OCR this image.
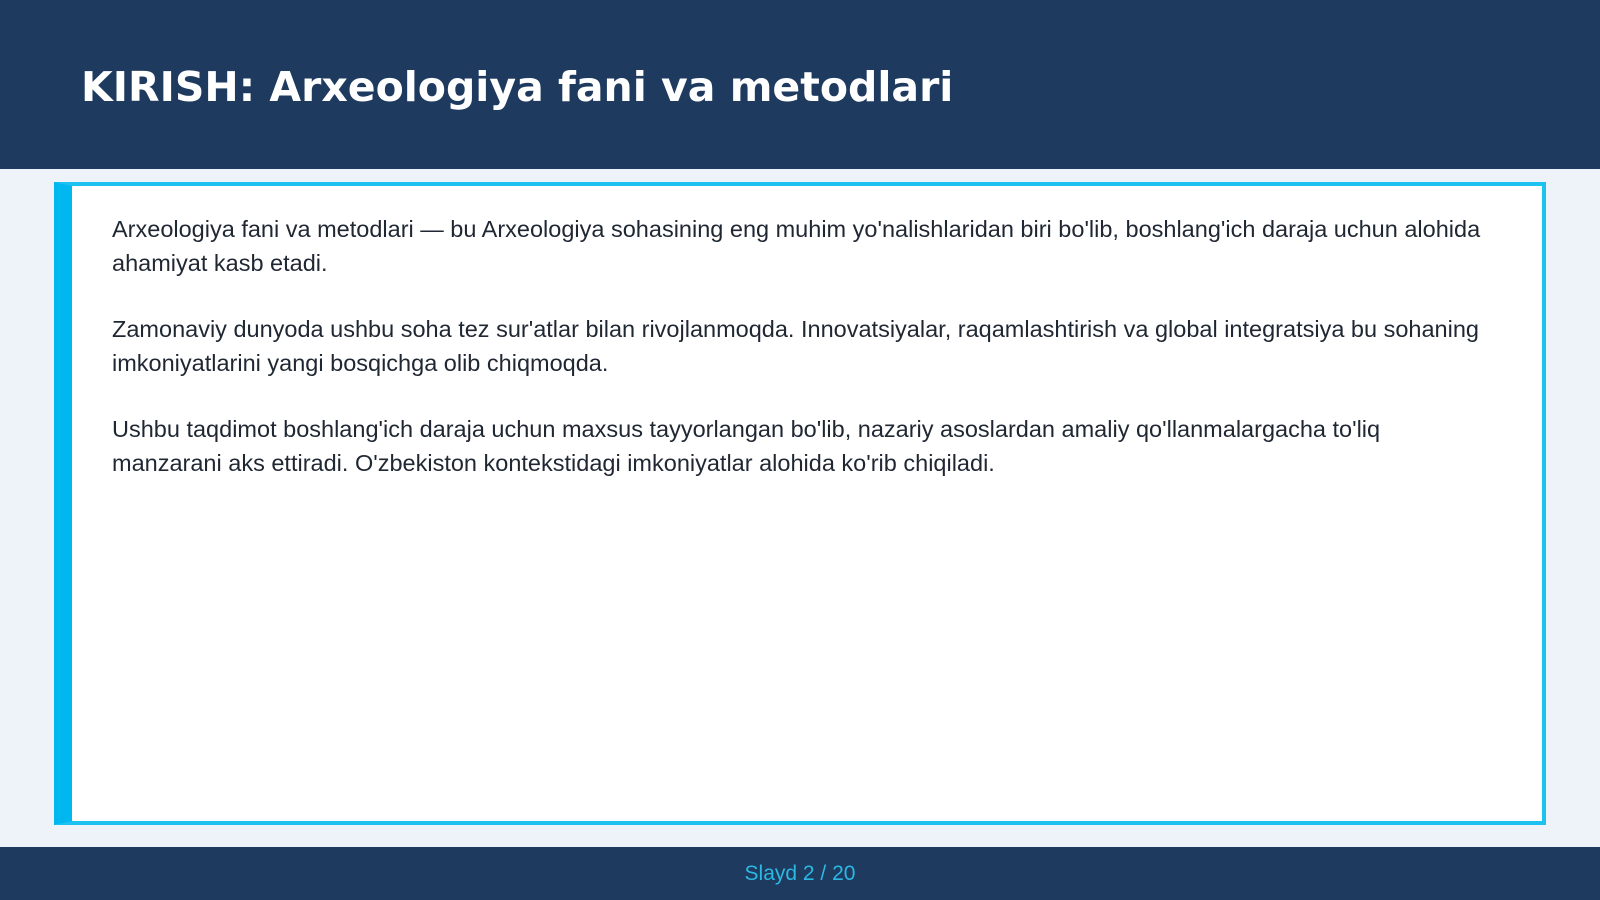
KIRISH: Arxeologiya fani va metodlari

Arxeologiya fani va metodlari — bu Arxeologiya sohasining eng muhim yo'nalishlaridan biri bo'lib, boshlang'ich daraja uchun alohida ahamiyat kasb etadi.

Zamonaviy dunyoda ushbu soha tez sur'atlar bilan rivojlanmoqda. Innovatsiyalar, raqamlashtirish va global integratsiya bu sohaning imkoniyatlarini yangi bosqichga olib chiqmoqda.

Ushbu taqdimot boshlang'ich daraja uchun maxsus tayyorlangan bo'lib, nazariy asoslardan amaliy qo'llanmalargacha to'liq manzarani aks ettiradi. O'zbekiston kontekstidagi imkoniyatlar alohida ko'rib chiqiladi.

Slayd 2 / 20
